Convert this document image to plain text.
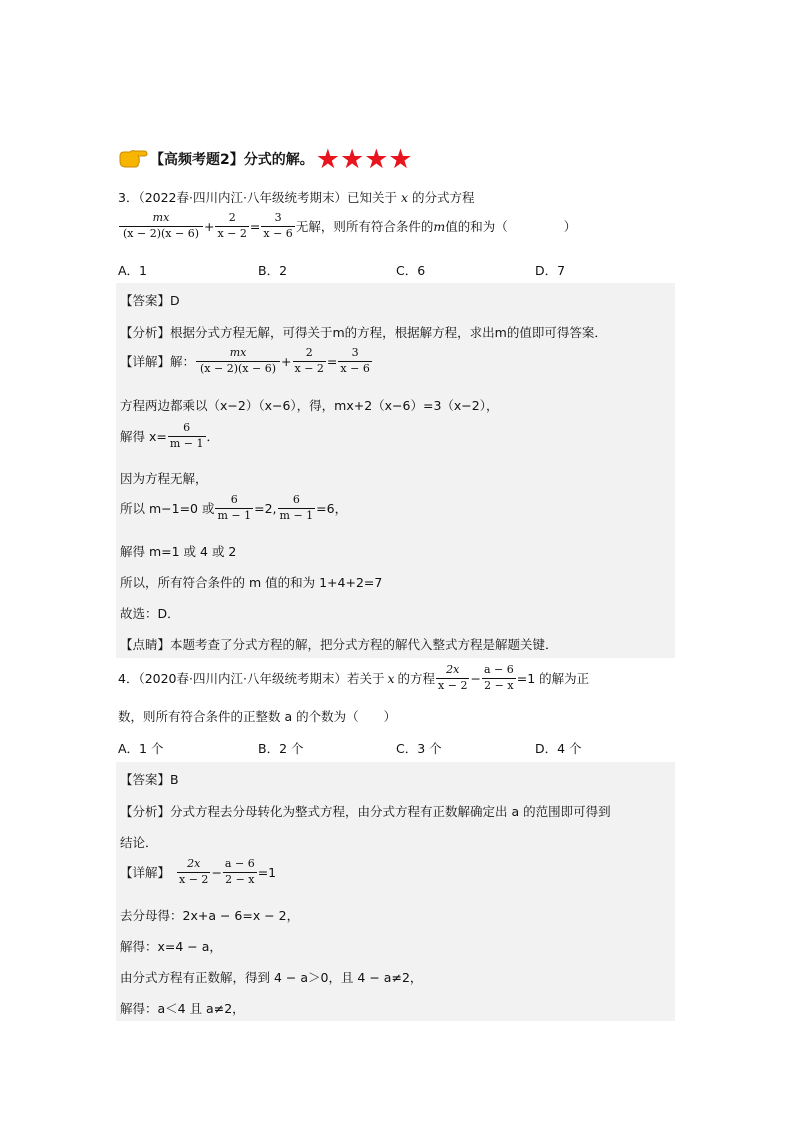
【高频考题2】分式的解。 ★★★★
3．（2022春·四川内江·八年级统考期末）已知关于 x 的分式方程
$\frac{mx}{(x - 2)(x - 6)} + \frac{2}{x - 2} = \frac{3}{x - 6}$ 无解，则所有符合条件的 m 值的和为（	）
A．1	B．2	C．6	D．7
【答案】D
【分析】根据分式方程无解，可得关于m的方程，根据解方程，求出m的值即可得答案．
【详解】解： $\frac{mx}{(x - 2)(x - 6)} + \frac{2}{x - 2} = \frac{3}{x - 6}$
方程两边都乘以（x−2）（x−6），得，mx+2（x−6）=3（x−2），
解得 $x= \frac{6}{m - 1}$ ．
因为方程无解，
所以 m−1=0 或 $\frac{6}{m - 1} =2$, $\frac{6}{m - 1} =6$，
解得 m=1 或 4 或 2
所以，所有符合条件的 m 值的和为 1+4+2=7
故选：D．
【点睛】本题考查了分式方程的解，把分式方程的解代入整式方程是解题关键．
4．（2020春·四川内江·八年级统考期末）若关于 x 的方程 $\frac{2x}{x - 2} - \frac{a - 6}{2 - x} =1$ 的解为正
数，则所有符合条件的正整数 a 的个数为（　　）
A．1 个	B．2 个	C．3 个	D．4 个
【答案】B
【分析】分式方程去分母转化为整式方程，由分式方程有正数解确定出 a 的范围即可得到
结论．
【详解】 $\frac{2x}{x - 2} - \frac{a - 6}{2 - x} =1$
去分母得：2x+a − 6=x − 2，
解得：x=4 − a，
由分式方程有正数解，得到 4 − a＞0，且 4 − a≠2，
解得：a＜4 且 a≠2，
